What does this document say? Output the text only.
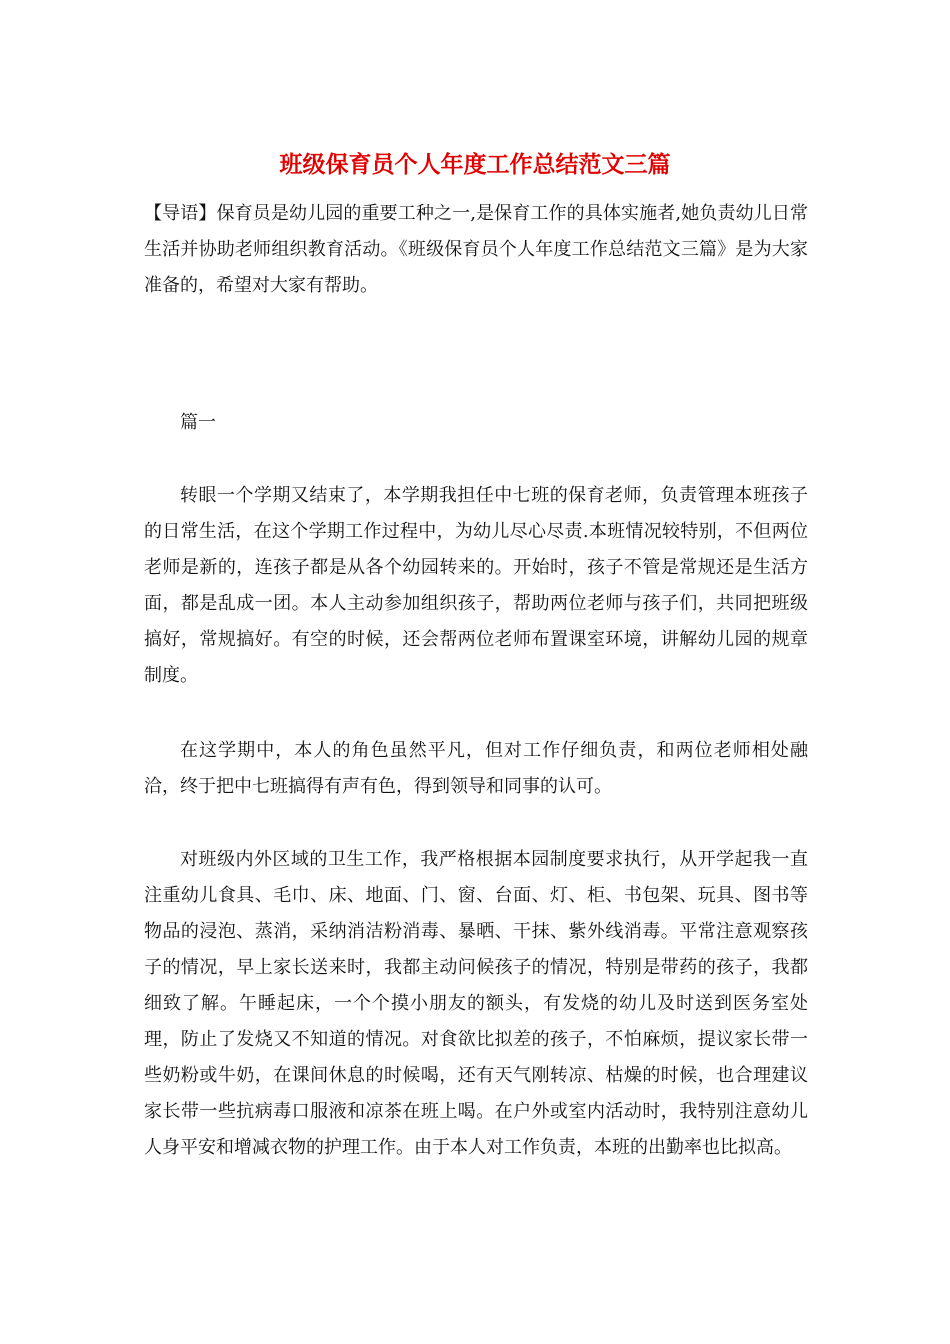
班级保育员个人年度工作总结范文三篇

【导语】保育员是幼儿园的重要工种之一,是保育工作的具体实施者,她负责幼儿日常生活并协助老师组织教育活动。《班级保育员个人年度工作总结范文三篇》是为大家准备的，希望对大家有帮助。

篇一

转眼一个学期又结束了，本学期我担任中七班的保育老师，负责管理本班孩子的日常生活，在这个学期工作过程中，为幼儿尽心尽责.本班情况较特别，不但两位老师是新的，连孩子都是从各个幼园转来的。开始时，孩子不管是常规还是生活方面，都是乱成一团。本人主动参加组织孩子，帮助两位老师与孩子们，共同把班级搞好，常规搞好。有空的时候，还会帮两位老师布置课室环境，讲解幼儿园的规章制度。

在这学期中，本人的角色虽然平凡，但对工作仔细负责，和两位老师相处融洽，终于把中七班搞得有声有色，得到领导和同事的认可。

对班级内外区域的卫生工作，我严格根据本园制度要求执行，从开学起我一直注重幼儿食具、毛巾、床、地面、门、窗、台面、灯、柜、书包架、玩具、图书等物品的浸泡、蒸消，采纳消洁粉消毒、暴晒、干抹、紫外线消毒。平常注意观察孩子的情况，早上家长送来时，我都主动问候孩子的情况，特别是带药的孩子，我都细致了解。午睡起床，一个个摸小朋友的额头，有发烧的幼儿及时送到医务室处理，防止了发烧又不知道的情况。对食欲比拟差的孩子，不怕麻烦，提议家长带一些奶粉或牛奶，在课间休息的时候喝，还有天气刚转凉、枯燥的时候，也合理建议家长带一些抗病毒口服液和凉茶在班上喝。在户外或室内活动时，我特别注意幼儿人身平安和增减衣物的护理工作。由于本人对工作负责，本班的出勤率也比拟高。
